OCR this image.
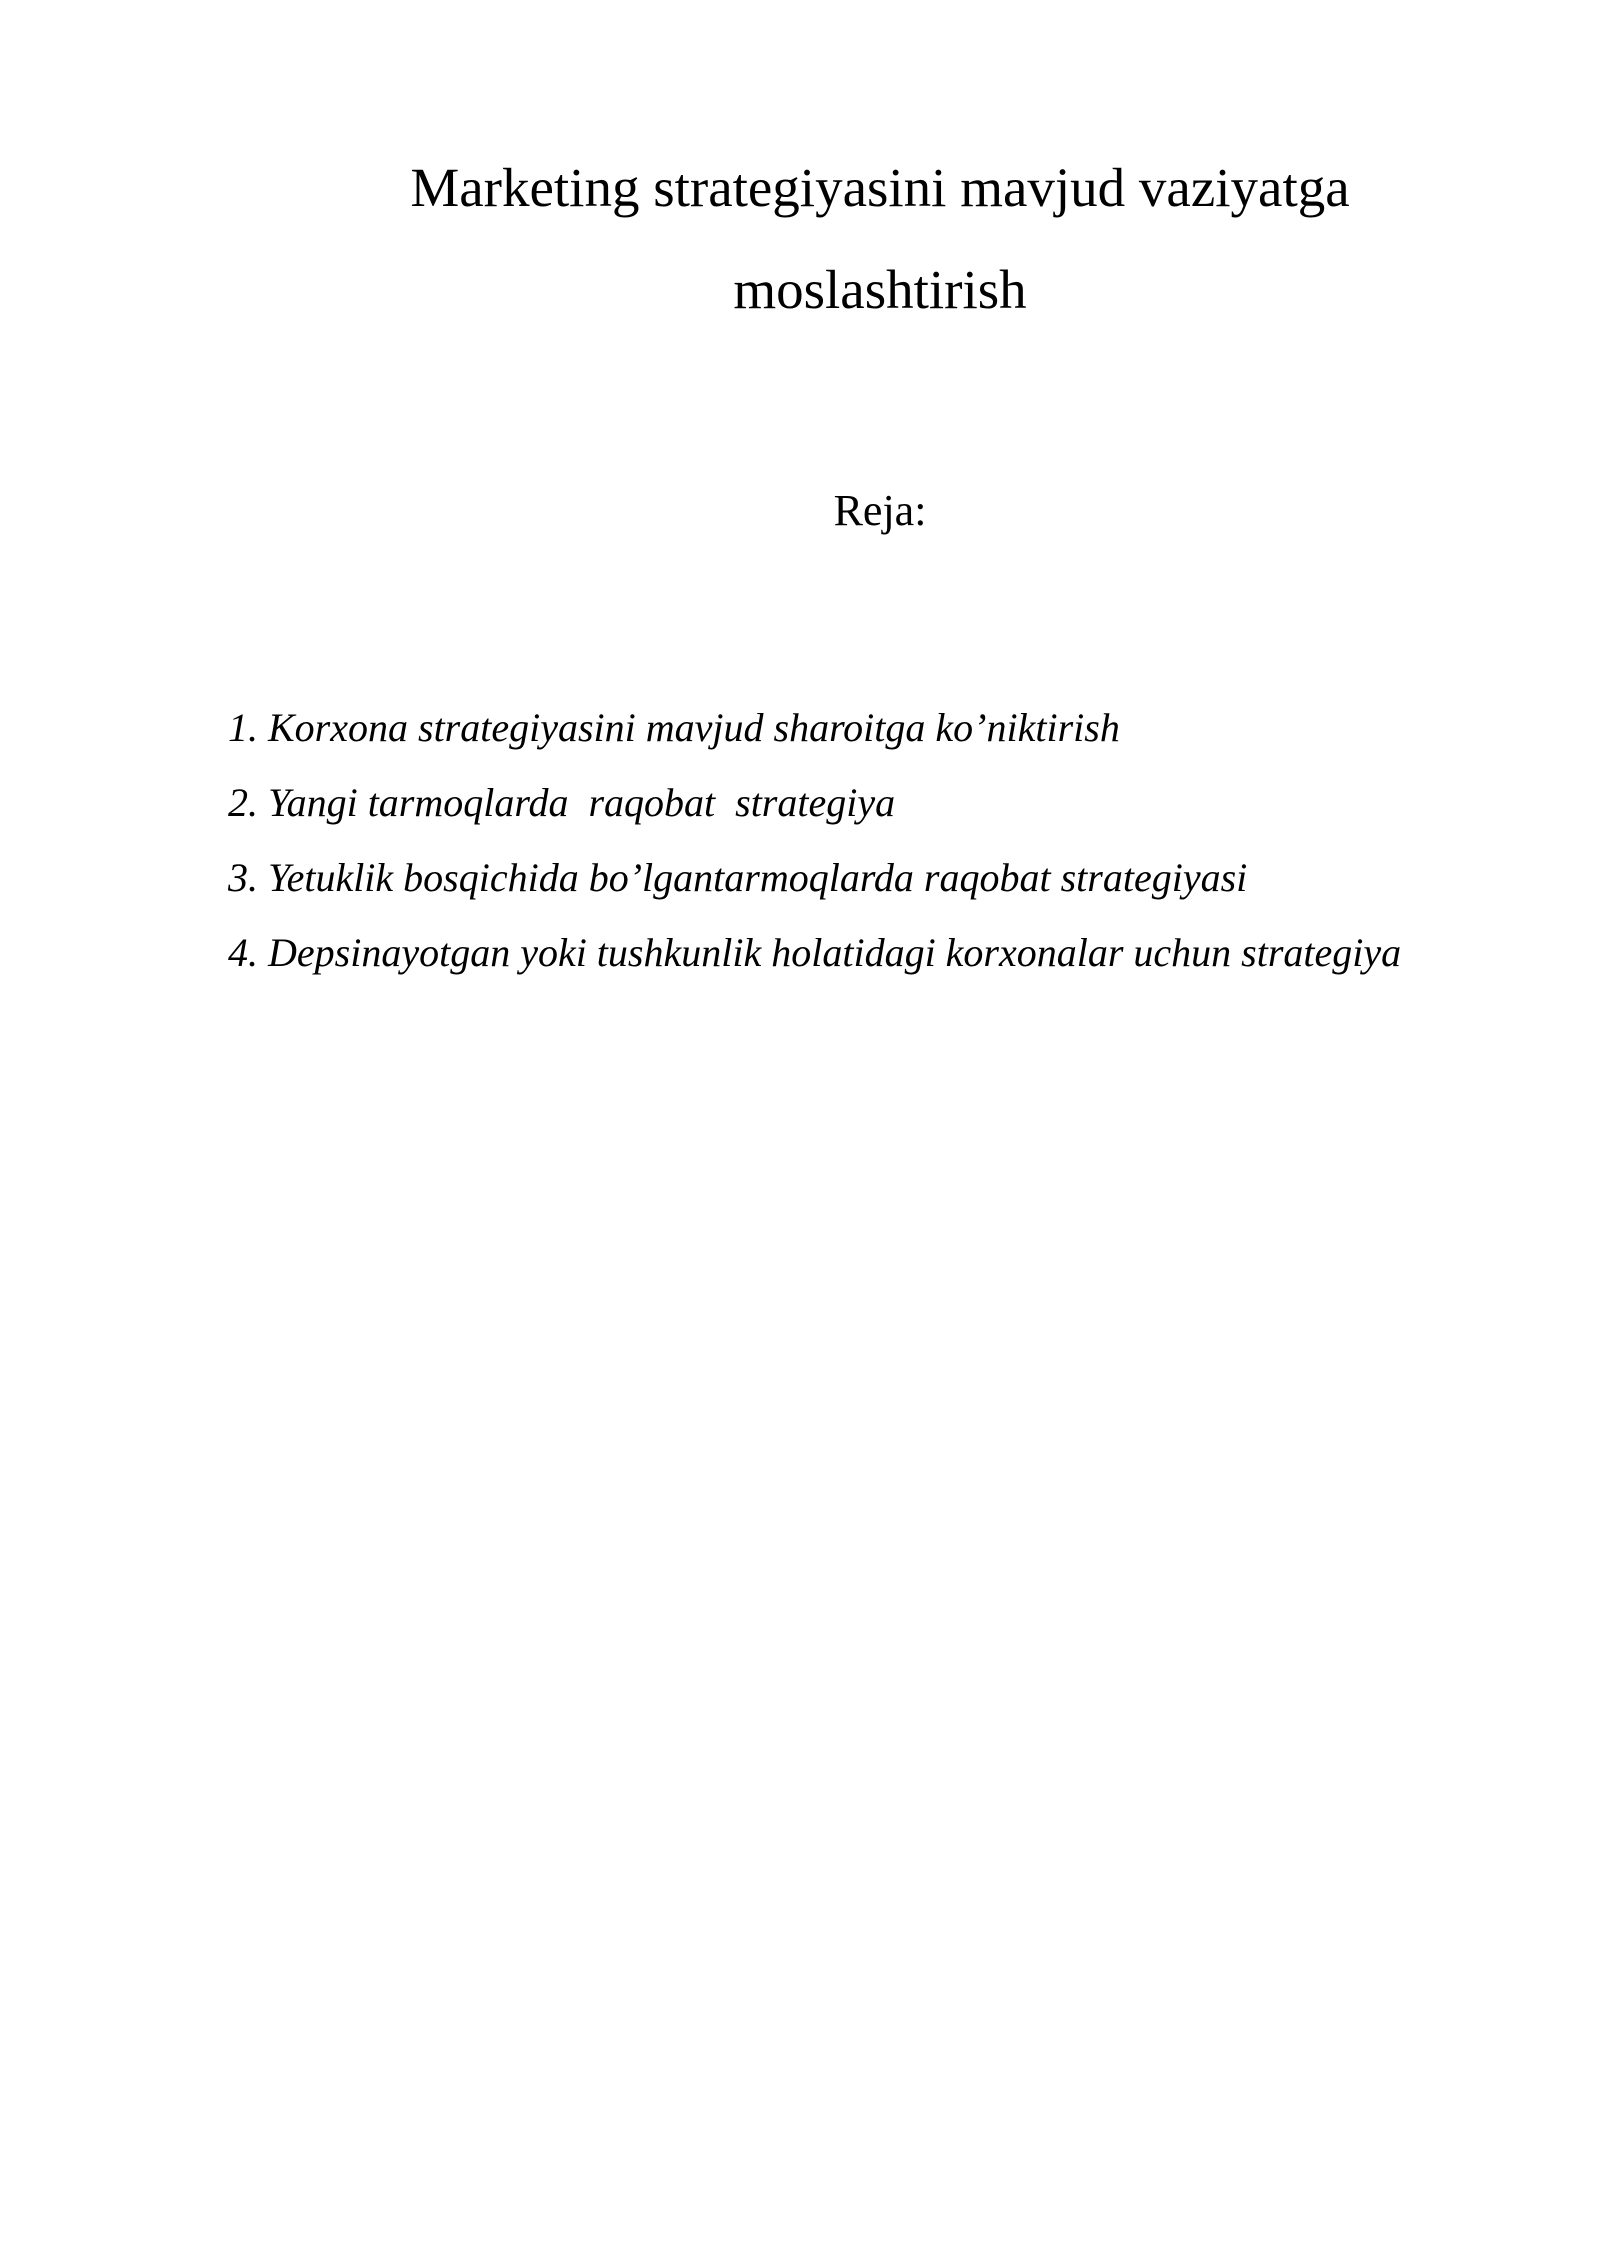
Marketing strategiyasini mavjud vaziyatga
moslashtirish
Reja:
1. Korxona strategiyasini mavjud sharoitga ko’niktirish
2. Yangi tarmoqlarda  raqobat  strategiya
3. Yetuklik bosqichida bo’lgantarmoqlarda raqobat strategiyasi
4. Depsinayotgan yoki tushkunlik holatidagi korxonalar uchun strategiya
